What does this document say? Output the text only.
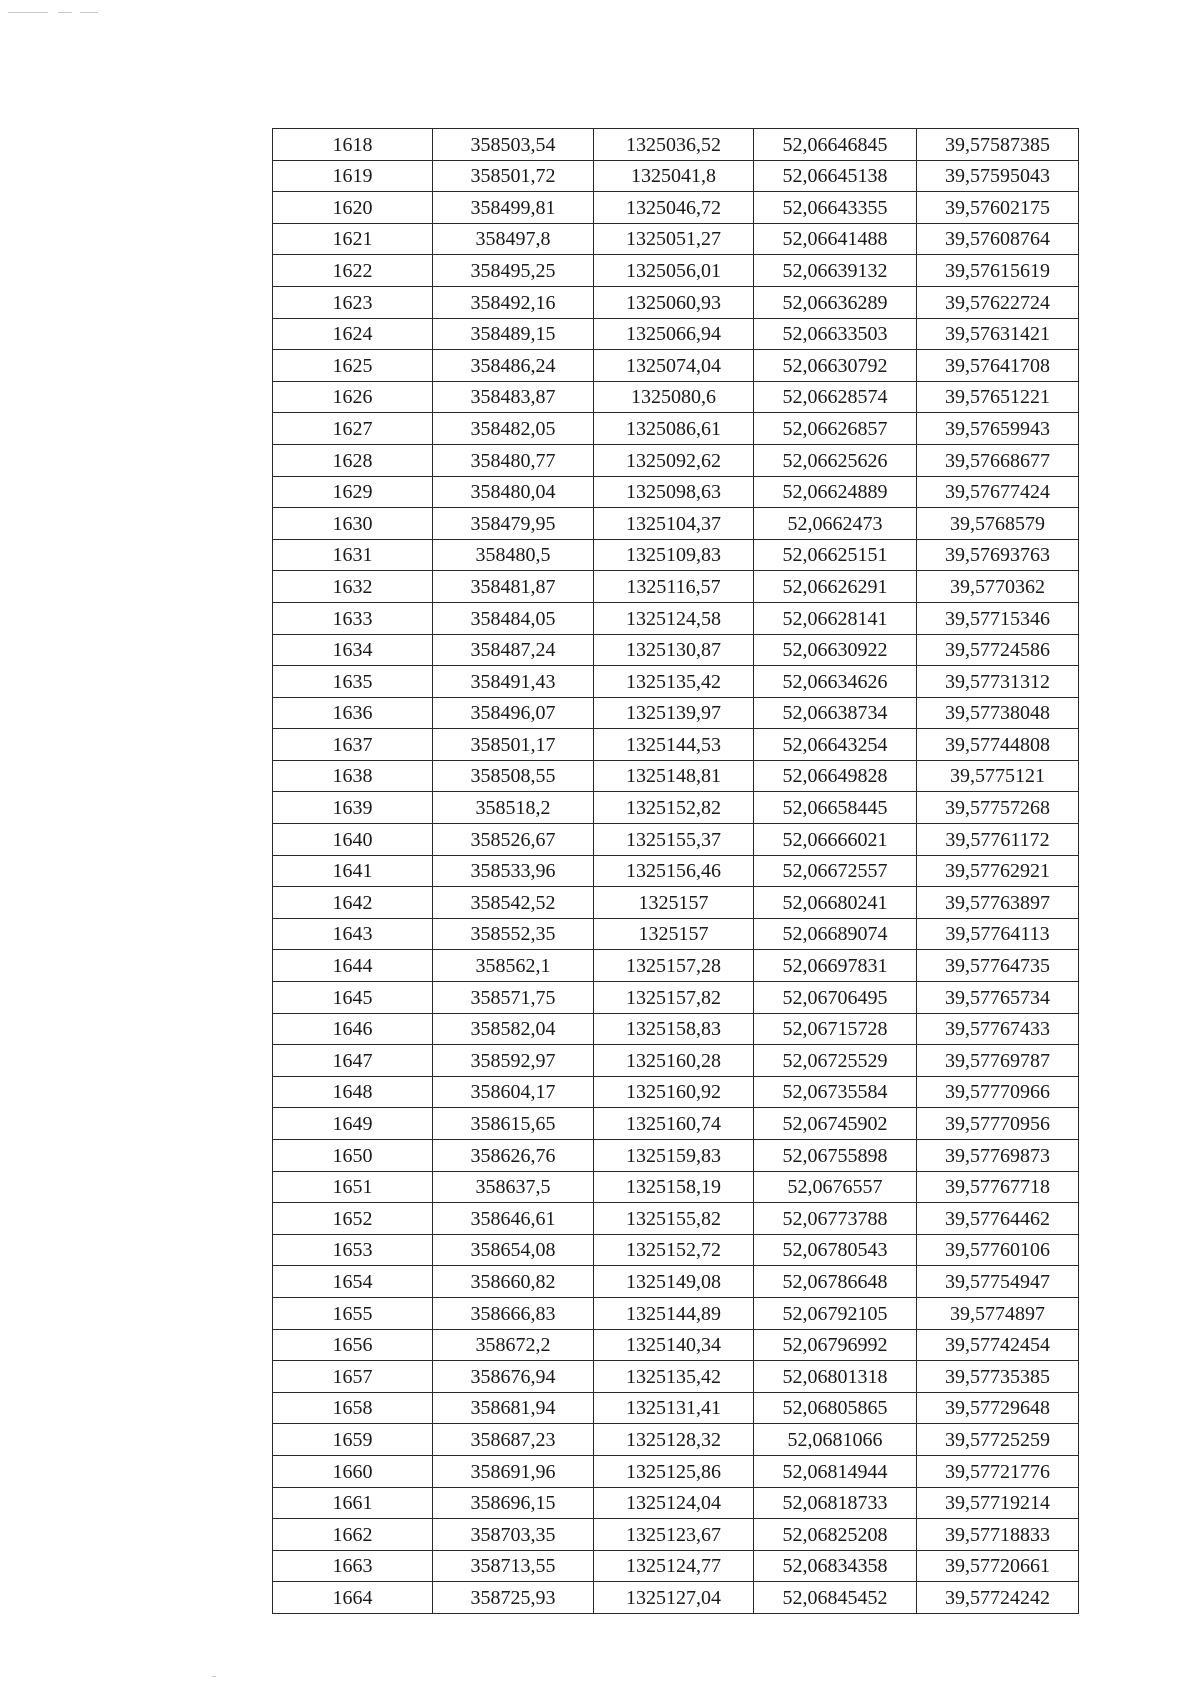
1618	358503,54	1325036,52	52,06646845	39,57587385
1619	358501,72	1325041,8	52,06645138	39,57595043
1620	358499,81	1325046,72	52,06643355	39,57602175
1621	358497,8	1325051,27	52,06641488	39,57608764
1622	358495,25	1325056,01	52,06639132	39,57615619
1623	358492,16	1325060,93	52,06636289	39,57622724
1624	358489,15	1325066,94	52,06633503	39,57631421
1625	358486,24	1325074,04	52,06630792	39,57641708
1626	358483,87	1325080,6	52,06628574	39,57651221
1627	358482,05	1325086,61	52,06626857	39,57659943
1628	358480,77	1325092,62	52,06625626	39,57668677
1629	358480,04	1325098,63	52,06624889	39,57677424
1630	358479,95	1325104,37	52,0662473	39,5768579
1631	358480,5	1325109,83	52,06625151	39,57693763
1632	358481,87	1325116,57	52,06626291	39,5770362
1633	358484,05	1325124,58	52,06628141	39,57715346
1634	358487,24	1325130,87	52,06630922	39,57724586
1635	358491,43	1325135,42	52,06634626	39,57731312
1636	358496,07	1325139,97	52,06638734	39,57738048
1637	358501,17	1325144,53	52,06643254	39,57744808
1638	358508,55	1325148,81	52,06649828	39,5775121
1639	358518,2	1325152,82	52,06658445	39,57757268
1640	358526,67	1325155,37	52,06666021	39,57761172
1641	358533,96	1325156,46	52,06672557	39,57762921
1642	358542,52	1325157	52,06680241	39,57763897
1643	358552,35	1325157	52,06689074	39,57764113
1644	358562,1	1325157,28	52,06697831	39,57764735
1645	358571,75	1325157,82	52,06706495	39,57765734
1646	358582,04	1325158,83	52,06715728	39,57767433
1647	358592,97	1325160,28	52,06725529	39,57769787
1648	358604,17	1325160,92	52,06735584	39,57770966
1649	358615,65	1325160,74	52,06745902	39,57770956
1650	358626,76	1325159,83	52,06755898	39,57769873
1651	358637,5	1325158,19	52,0676557	39,57767718
1652	358646,61	1325155,82	52,06773788	39,57764462
1653	358654,08	1325152,72	52,06780543	39,57760106
1654	358660,82	1325149,08	52,06786648	39,57754947
1655	358666,83	1325144,89	52,06792105	39,5774897
1656	358672,2	1325140,34	52,06796992	39,57742454
1657	358676,94	1325135,42	52,06801318	39,57735385
1658	358681,94	1325131,41	52,06805865	39,57729648
1659	358687,23	1325128,32	52,0681066	39,57725259
1660	358691,96	1325125,86	52,06814944	39,57721776
1661	358696,15	1325124,04	52,06818733	39,57719214
1662	358703,35	1325123,67	52,06825208	39,57718833
1663	358713,55	1325124,77	52,06834358	39,57720661
1664	358725,93	1325127,04	52,06845452	39,57724242
